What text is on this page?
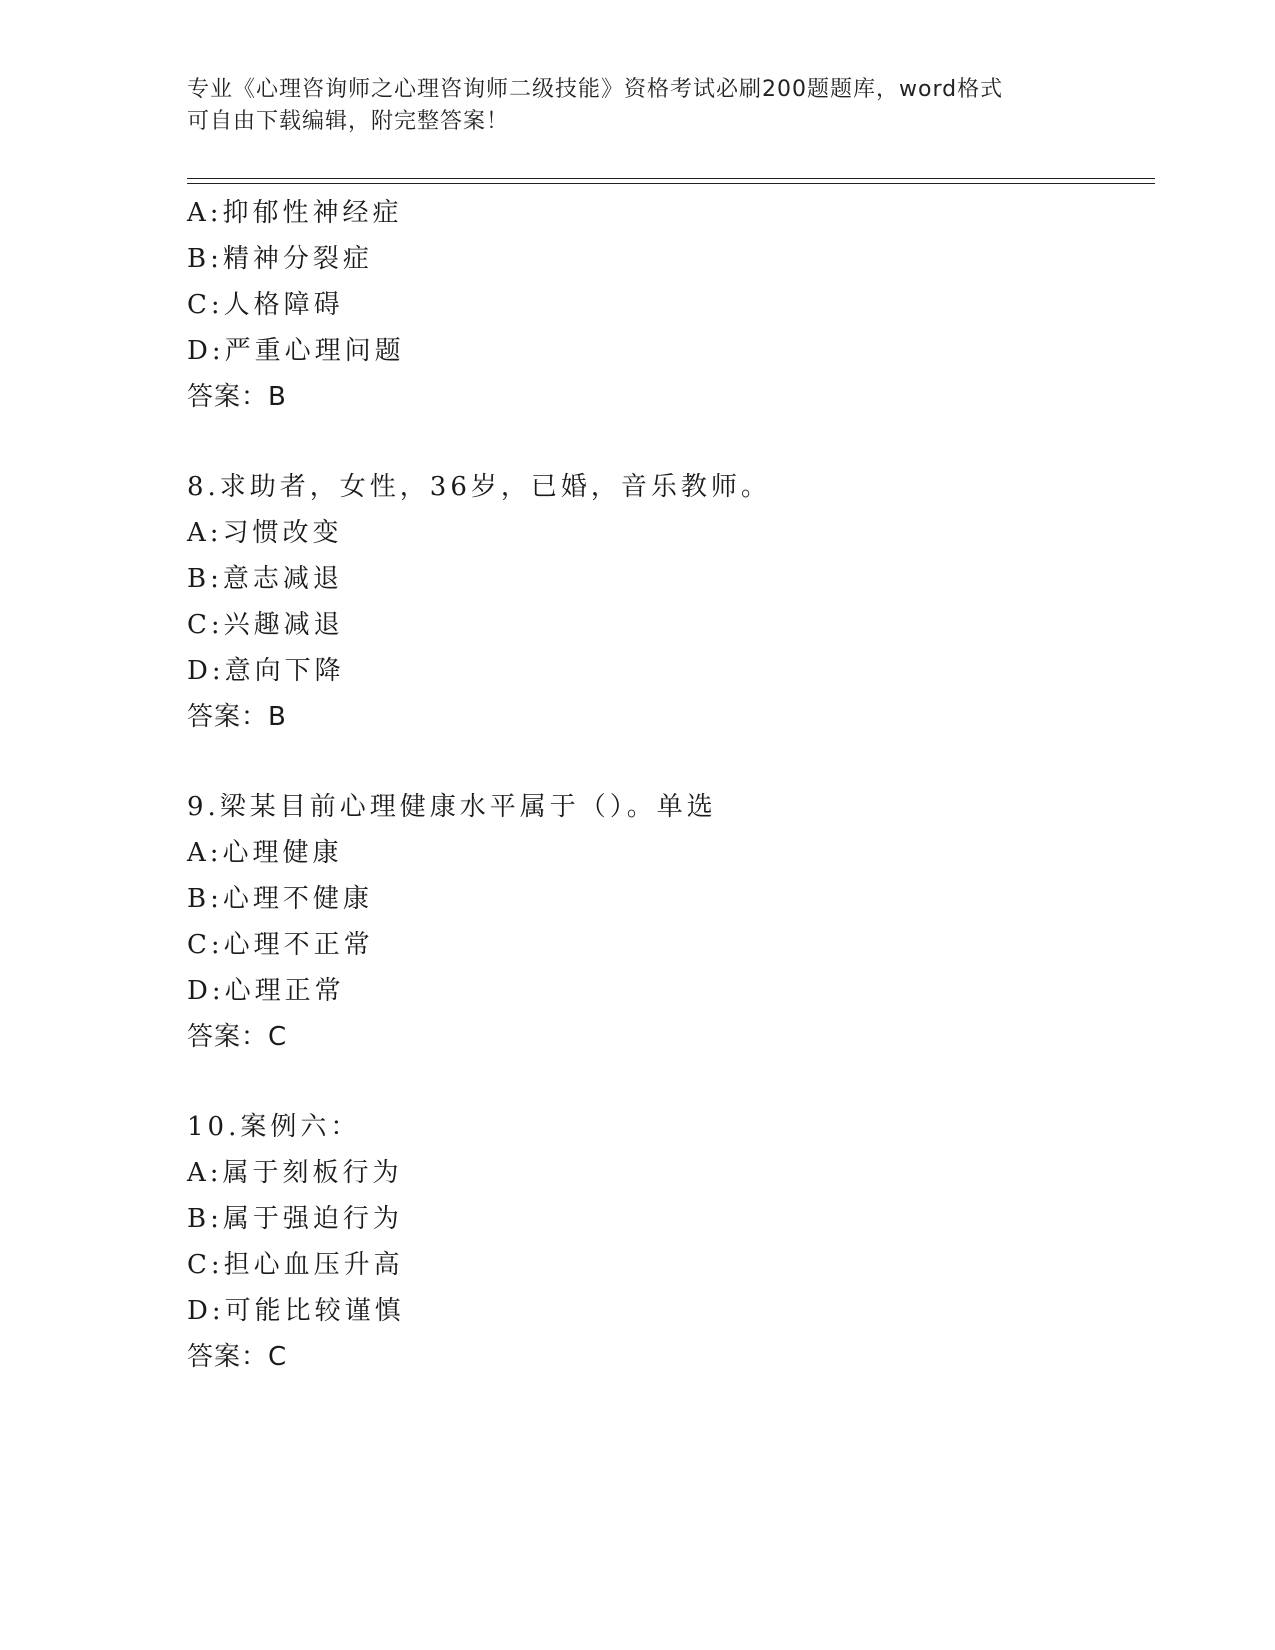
专业《心理咨询师之心理咨询师二级技能》资格考试必刷200题题库，word格式
可自由下载编辑，附完整答案！
A:抑郁性神经症
B:精神分裂症
C:人格障碍
D:严重心理问题
答案：B
8.求助者，女性，36岁，已婚，音乐教师。
A:习惯改变
B:意志减退
C:兴趣减退
D:意向下降
答案：B
9.梁某目前心理健康水平属于（）。单选
A:心理健康
B:心理不健康
C:心理不正常
D:心理正常
答案：C
10.案例六：
A:属于刻板行为
B:属于强迫行为
C:担心血压升高
D:可能比较谨慎
答案：C
